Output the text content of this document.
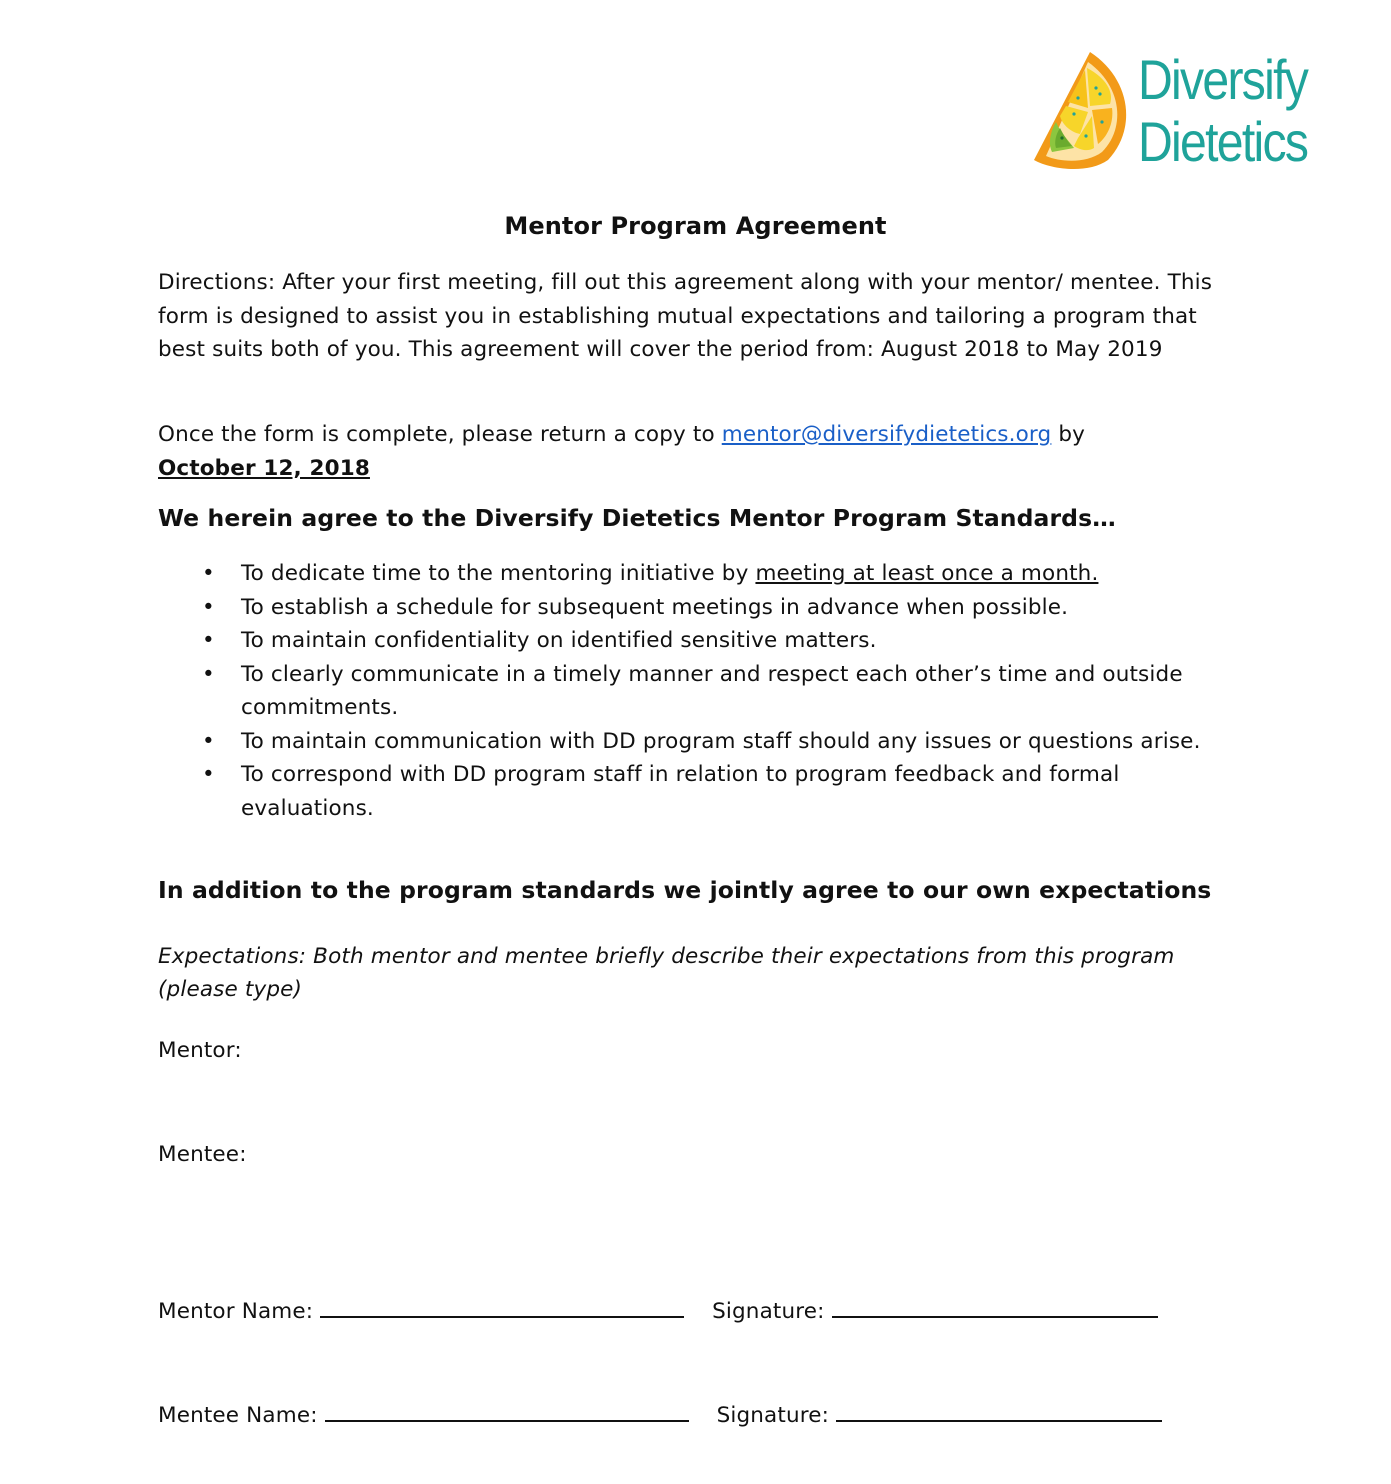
Diversify
Dietetics
Mentor Program Agreement
Directions: After your first meeting, fill out this agreement along with your mentor/ mentee. This form is designed to assist you in establishing mutual expectations and tailoring a program that best suits both of you. This agreement will cover the period from: August 2018 to May 2019
Once the form is complete, please return a copy to mentor@diversifydietetics.org by
October 12, 2018
We herein agree to the Diversify Dietetics Mentor Program Standards…
• To dedicate time to the mentoring initiative by meeting at least once a month.
• To establish a schedule for subsequent meetings in advance when possible.
• To maintain confidentiality on identified sensitive matters.
• To clearly communicate in a timely manner and respect each other’s time and outside commitments.
• To maintain communication with DD program staff should any issues or questions arise.
• To correspond with DD program staff in relation to program feedback and formal evaluations.
In addition to the program standards we jointly agree to our own expectations
Expectations: Both mentor and mentee briefly describe their expectations from this program (please type)
Mentor:
Mentee:
Mentor Name:	Signature:
Mentee Name:	Signature:
